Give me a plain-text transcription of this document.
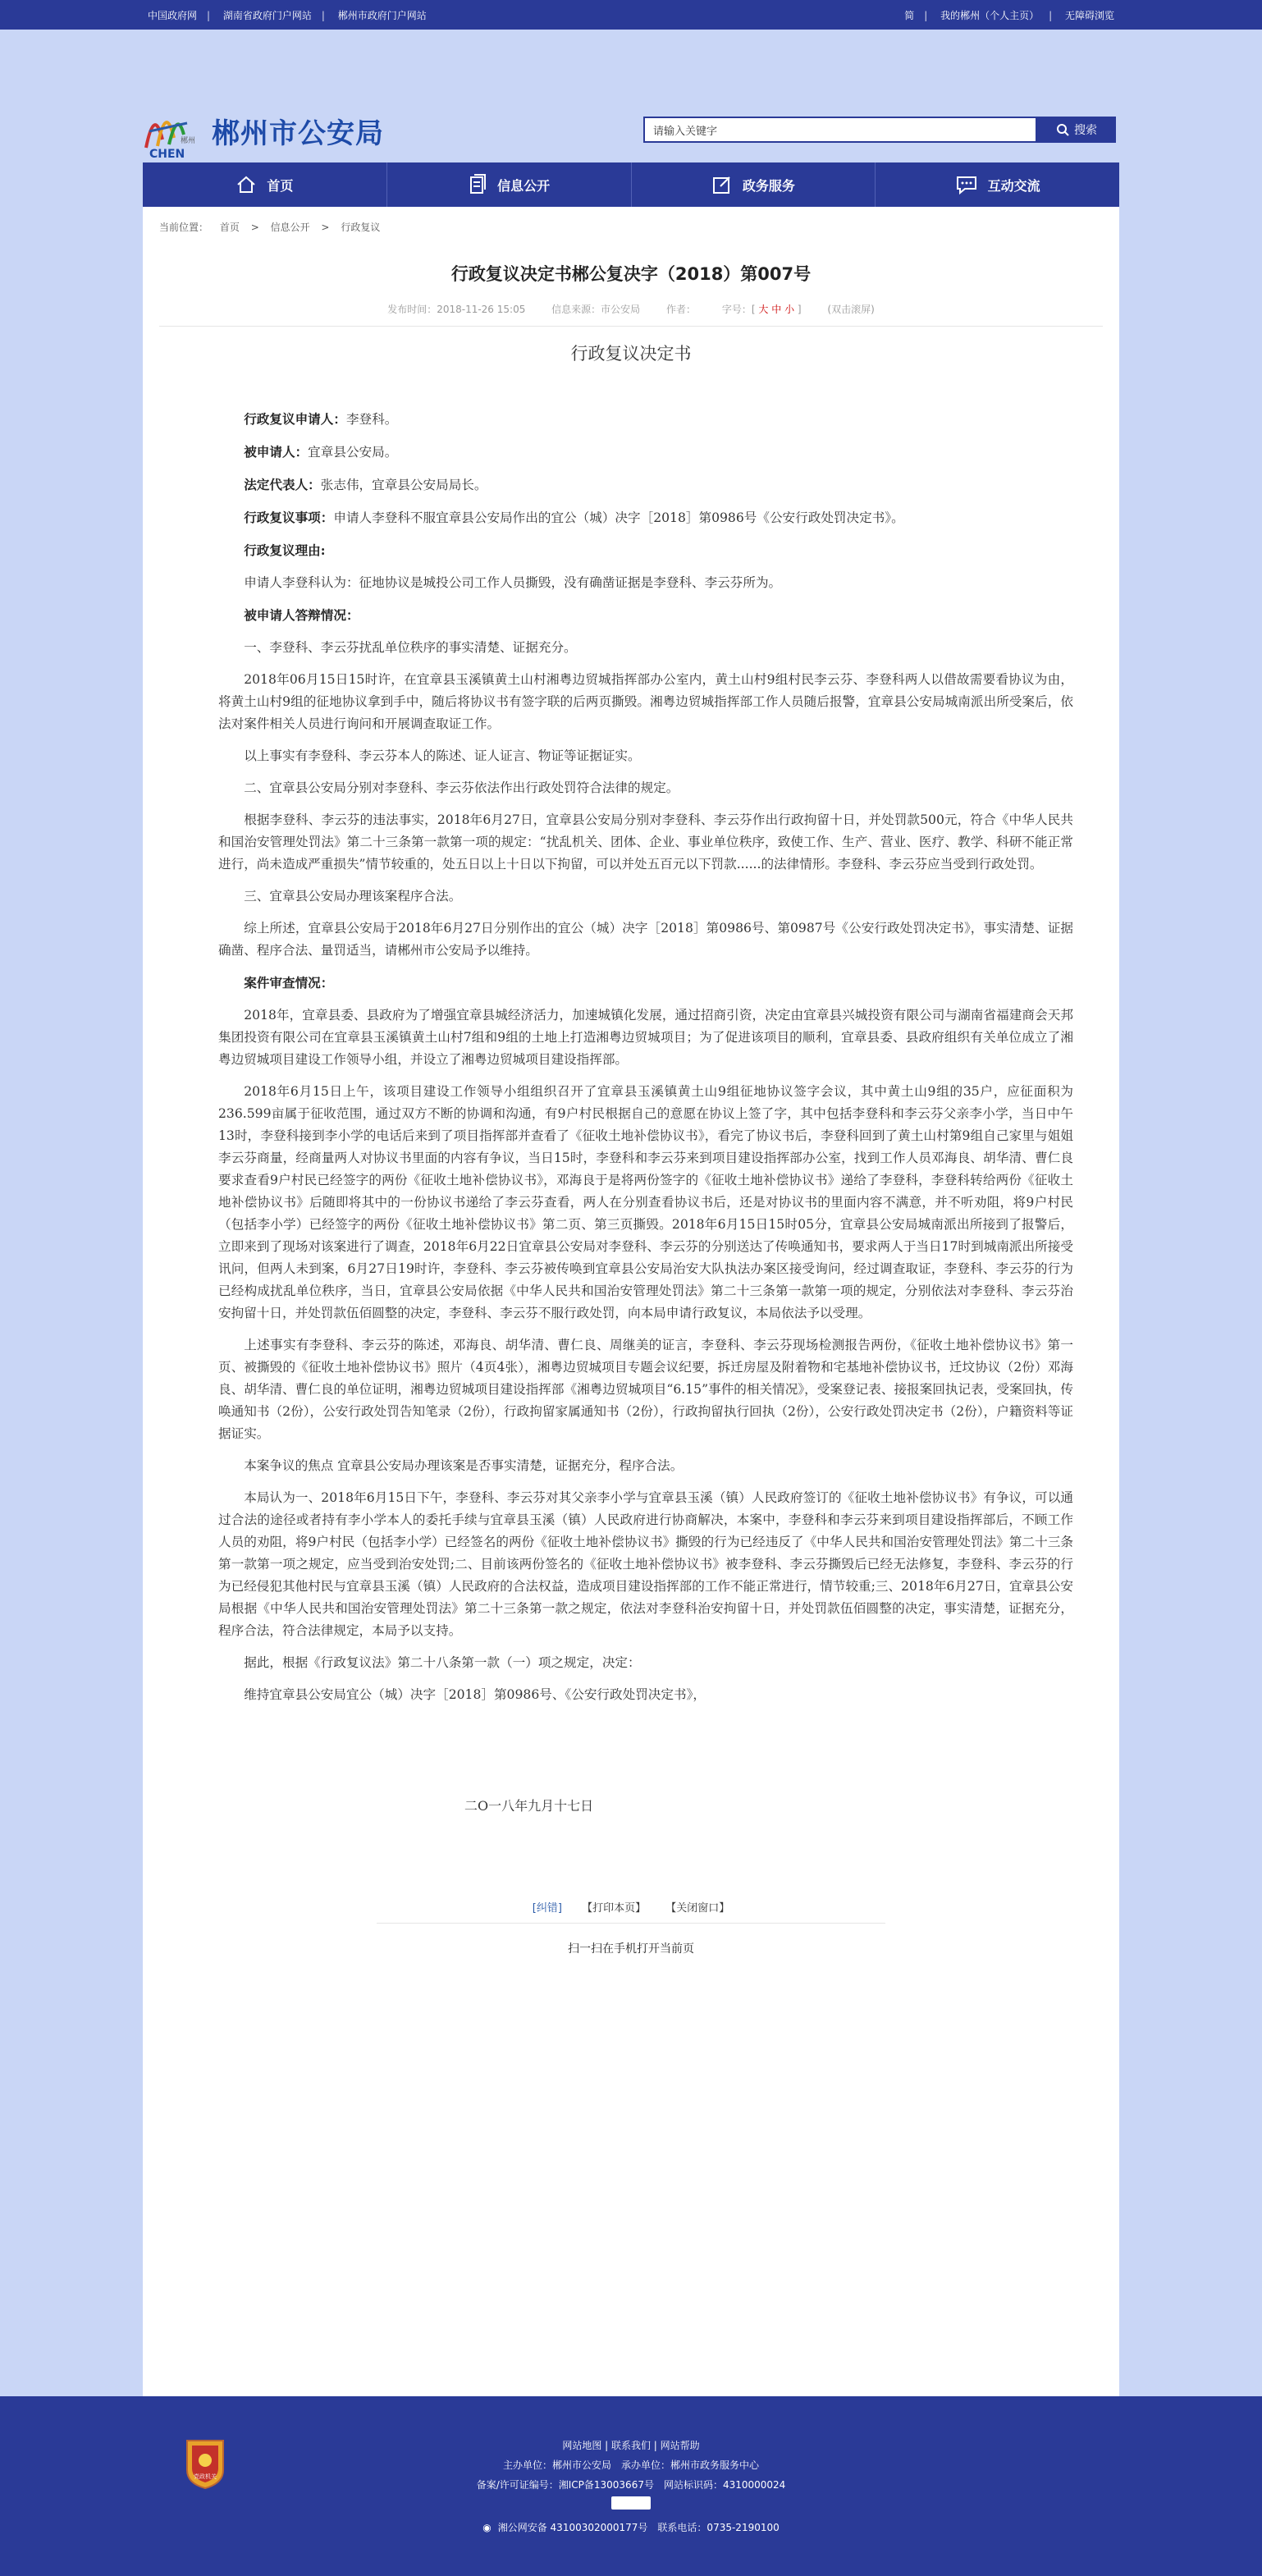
中国政府网 | 湖南省政府门户网站 | 郴州市政府门户网站	简 | 我的郴州（个人主页） | 无障碍浏览
郴州
CHEN
郴州市公安局
请输入关键字	搜索
首页	信息公开	政务服务	互动交流
当前位置： 首页 > 信息公开 > 行政复议
行政复议决定书郴公复决字（2018）第007号
发布时间：2018-11-26 15:05	信息来源：市公安局	作者：	字号：[ 大 中 小 ]	(双击滚屏)
行政复议决定书

行政复议申请人：李登科。

被申请人：宜章县公安局。

法定代表人：张志伟，宜章县公安局局长。

行政复议事项：申请人李登科不服宜章县公安局作出的宜公（城）决字［2018］第0986号《公安行政处罚决定书》。

行政复议理由:

申请人李登科认为：征地协议是城投公司工作人员撕毁，没有确凿证据是李登科、李云芬所为。

被申请人答辩情况：

一、李登科、李云芬扰乱单位秩序的事实清楚、证据充分。

2018年06月15日15时许，在宜章县玉溪镇黄土山村湘粤边贸城指挥部办公室内，黄土山村9组村民李云芬、李登科两人以借故需要看协议为由，将黄土山村9组的征地协议拿到手中，随后将协议书有签字联的后两页撕毁。湘粤边贸城指挥部工作人员随后报警，宜章县公安局城南派出所受案后，依法对案件相关人员进行询问和开展调查取证工作。

以上事实有李登科、李云芬本人的陈述、证人证言、物证等证据证实。

二、宜章县公安局分别对李登科、李云芬依法作出行政处罚符合法律的规定。

根据李登科、李云芬的违法事实，2018年6月27日，宜章县公安局分别对李登科、李云芬作出行政拘留十日，并处罚款500元，符合《中华人民共和国治安管理处罚法》第二十三条第一款第一项的规定：“扰乱机关、团体、企业、事业单位秩序，致使工作、生产、营业、医疗、教学、科研不能正常进行，尚未造成严重损失”情节较重的，处五日以上十日以下拘留，可以并处五百元以下罚款......的法律情形。李登科、李云芬应当受到行政处罚。

三、宜章县公安局办理该案程序合法。

综上所述，宜章县公安局于2018年6月27日分别作出的宜公（城）决字［2018］第0986号、第0987号《公安行政处罚决定书》，事实清楚、证据确凿、程序合法、量罚适当，请郴州市公安局予以维持。

案件审查情况：

2018年，宜章县委、县政府为了增强宜章县城经济活力，加速城镇化发展，通过招商引资，决定由宜章县兴城投资有限公司与湖南省福建商会天邦集团投资有限公司在宜章县玉溪镇黄土山村7组和9组的土地上打造湘粤边贸城项目；为了促进该项目的顺利，宜章县委、县政府组织有关单位成立了湘粤边贸城项目建设工作领导小组，并设立了湘粤边贸城项目建设指挥部。

2018年6月15日上午，该项目建设工作领导小组组织召开了宜章县玉溪镇黄土山9组征地协议签字会议，其中黄土山9组的35户，应征面积为236.599亩属于征收范围，通过双方不断的协调和沟通，有9户村民根据自己的意愿在协议上签了字，其中包括李登科和李云芬父亲李小学，当日中午13时，李登科接到李小学的电话后来到了项目指挥部并查看了《征收土地补偿协议书》，看完了协议书后，李登科回到了黄土山村第9组自己家里与姐姐李云芬商量，经商量两人对协议书里面的内容有争议，当日15时，李登科和李云芬来到项目建设指挥部办公室，找到工作人员邓海良、胡华清、曹仁良要求查看9户村民已经签字的两份《征收土地补偿协议书》，邓海良于是将两份签字的《征收土地补偿协议书》递给了李登科，李登科转给两份《征收土地补偿协议书》后随即将其中的一份协议书递给了李云芬查看，两人在分别查看协议书后，还是对协议书的里面内容不满意，并不听劝阻，将9户村民（包括李小学）已经签字的两份《征收土地补偿协议书》第二页、第三页撕毁。2018年6月15日15时05分，宜章县公安局城南派出所接到了报警后，立即来到了现场对该案进行了调查，2018年6月22日宜章县公安局对李登科、李云芬的分别送达了传唤通知书，要求两人于当日17时到城南派出所接受讯问，但两人未到案，6月27日19时许，李登科、李云芬被传唤到宜章县公安局治安大队执法办案区接受询问，经过调查取证，李登科、李云芬的行为已经构成扰乱单位秩序，当日，宜章县公安局依据《中华人民共和国治安管理处罚法》第二十三条第一款第一项的规定，分别依法对李登科、李云芬治安拘留十日，并处罚款伍佰圆整的决定，李登科、李云芬不服行政处罚，向本局申请行政复议，本局依法予以受理。

上述事实有李登科、李云芬的陈述，邓海良、胡华清、曹仁良、周继美的证言，李登科、李云芬现场检测报告两份，《征收土地补偿协议书》第一页、被撕毁的《征收土地补偿协议书》照片（4页4张），湘粤边贸城项目专题会议纪要，拆迁房屋及附着物和宅基地补偿协议书，迁坟协议（2份）邓海良、胡华清、曹仁良的单位证明，湘粤边贸城项目建设指挥部《湘粤边贸城项目“6.15”事件的相关情况》，受案登记表、接报案回执记表，受案回执，传唤通知书（2份），公安行政处罚告知笔录（2份），行政拘留家属通知书（2份），行政拘留执行回执（2份），公安行政处罚决定书（2份），户籍资料等证据证实。

本案争议的焦点 宜章县公安局办理该案是否事实清楚，证据充分，程序合法。

本局认为一、2018年6月15日下午，李登科、李云芬对其父亲李小学与宜章县玉溪（镇）人民政府签订的《征收土地补偿协议书》有争议，可以通过合法的途径或者持有李小学本人的委托手续与宜章县玉溪（镇）人民政府进行协商解决，本案中，李登科和李云芬来到项目建设指挥部后，不顾工作人员的劝阻，将9户村民（包括李小学）已经签名的两份《征收土地补偿协议书》撕毁的行为已经违反了《中华人民共和国治安管理处罚法》第二十三条第一款第一项之规定，应当受到治安处罚;二、目前该两份签名的《征收土地补偿协议书》被李登科、李云芬撕毁后已经无法修复，李登科、李云芬的行为已经侵犯其他村民与宜章县玉溪（镇）人民政府的合法权益，造成项目建设指挥部的工作不能正常进行，情节较重;三、2018年6月27日，宜章县公安局根据《中华人民共和国治安管理处罚法》第二十三条第一款之规定，依法对李登科治安拘留十日，并处罚款伍佰圆整的决定，事实清楚，证据充分，程序合法，符合法律规定，本局予以支持。

据此，根据《行政复议法》第二十八条第一款（一）项之规定，决定：

维持宜章县公安局宜公（城）决字［2018］第0986号、《公安行政处罚决定书》，

二O一八年九月十七日
[纠错] 【打印本页】 【关闭窗口】
扫一扫在手机打开当前页
党政机关
网站地图 | 联系我们 | 网站帮助
主办单位：郴州市公安局　承办单位：郴州市政务服务中心
备案/许可证编号：湘ICP备13003667号　网站标识码：4310000024
◉ 湘公网安备 43100302000177号　联系电话：0735-2190100
